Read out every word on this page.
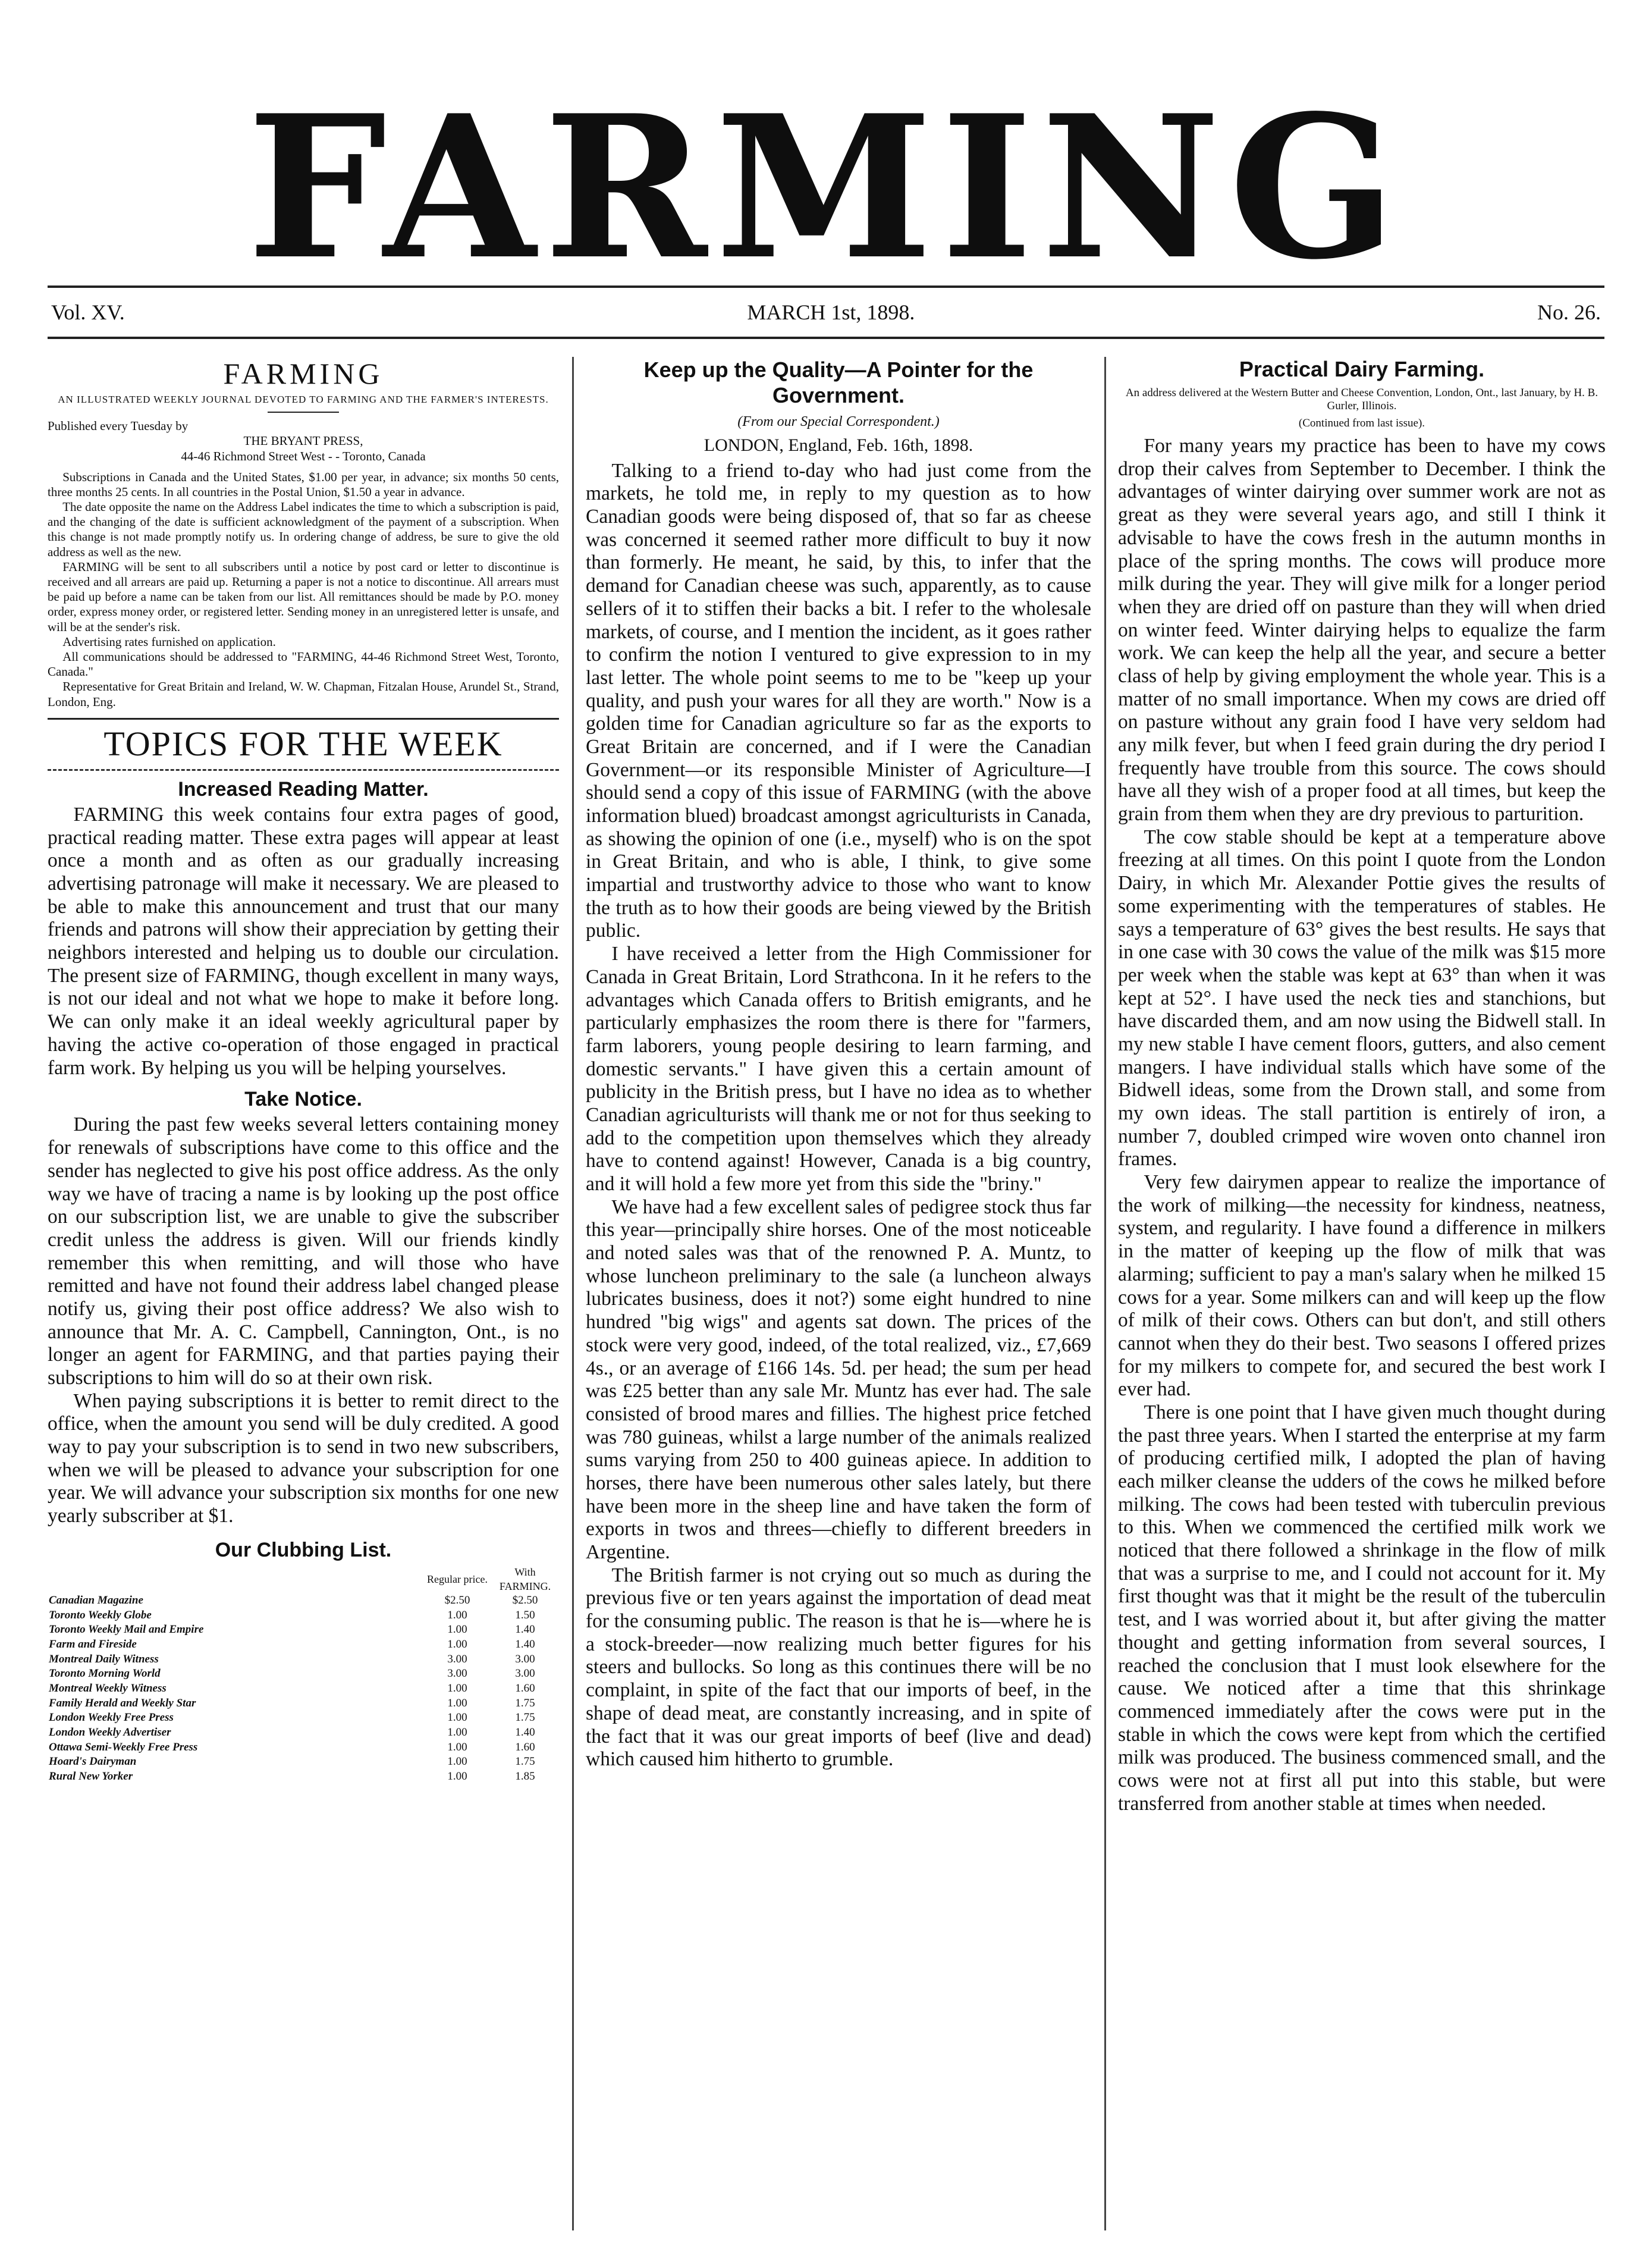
FARMING
Vol. XV.	MARCH 1st, 1898.	No. 26.
FARMING
AN ILLUSTRATED WEEKLY JOURNAL DEVOTED TO FARMING AND THE FARMER'S INTERESTS.
Published every Tuesday by
THE BRYANT PRESS,
44-46 Richmond Street West - - Toronto, Canada

Subscriptions in Canada and the United States, $1.00 per year, in advance; six months 50 cents, three months 25 cents. In all countries in the Postal Union, $1.50 a year in advance.

The date opposite the name on the Address Label indicates the time to which a subscription is paid, and the changing of the date is sufficient acknowledgment of the payment of a subscription. When this change is not made promptly notify us. In ordering change of address, be sure to give the old address as well as the new.

FARMING will be sent to all subscribers until a notice by post card or letter to discontinue is received and all arrears are paid up. Returning a paper is not a notice to discontinue. All arrears must be paid up before a name can be taken from our list. All remittances should be made by P.O. money order, express money order, or registered letter. Sending money in an unregistered letter is unsafe, and will be at the sender's risk.

Advertising rates furnished on application.

All communications should be addressed to "FARMING, 44-46 Richmond Street West, Toronto, Canada."

Representative for Great Britain and Ireland, W. W. Chapman, Fitzalan House, Arundel St., Strand, London, Eng.

TOPICS FOR THE WEEK
Increased Reading Matter.

FARMING this week contains four extra pages of good, practical reading matter. These extra pages will appear at least once a month and as often as our gradually increasing advertising patronage will make it necessary. We are pleased to be able to make this announcement and trust that our many friends and patrons will show their appreciation by getting their neighbors interested and helping us to double our circulation. The present size of FARMING, though excellent in many ways, is not our ideal and not what we hope to make it before long. We can only make it an ideal weekly agricultural paper by having the active co-operation of those engaged in practical farm work. By helping us you will be helping yourselves.

Take Notice.

During the past few weeks several letters containing money for renewals of subscriptions have come to this office and the sender has neglected to give his post office address. As the only way we have of tracing a name is by looking up the post office on our subscription list, we are unable to give the subscriber credit unless the address is given. Will our friends kindly remember this when remitting, and will those who have remitted and have not found their address label changed please notify us, giving their post office address? We also wish to announce that Mr. A. C. Campbell, Cannington, Ont., is no longer an agent for FARMING, and that parties paying their subscriptions to him will do so at their own risk.

When paying subscriptions it is better to remit direct to the office, when the amount you send will be duly credited. A good way to pay your subscription is to send in two new subscribers, when we will be pleased to advance your subscription for one year. We will advance your subscription six months for one new yearly subscriber at $1.

Our Clubbing List.
	Regular price.	With FARMING.
Canadian Magazine	$2.50	$2.50
Toronto Weekly Globe	1.00	1.50
Toronto Weekly Mail and Empire	1.00	1.40
Farm and Fireside	1.00	1.40
Montreal Daily Witness	3.00	3.00
Toronto Morning World	3.00	3.00
Montreal Weekly Witness	1.00	1.60
Family Herald and Weekly Star	1.00	1.75
London Weekly Free Press	1.00	1.75
London Weekly Advertiser	1.00	1.40
Ottawa Semi-Weekly Free Press	1.00	1.60
Hoard's Dairyman	1.00	1.75
Rural New Yorker	1.00	1.85
Keep up the Quality—A Pointer for the Government.
(From our Special Correspondent.)
LONDON, England, Feb. 16th, 1898.

Talking to a friend to-day who had just come from the markets, he told me, in reply to my question as to how Canadian goods were being disposed of, that so far as cheese was concerned it seemed rather more difficult to buy it now than formerly. He meant, he said, by this, to infer that the demand for Canadian cheese was such, apparently, as to cause sellers of it to stiffen their backs a bit. I refer to the wholesale markets, of course, and I mention the incident, as it goes rather to confirm the notion I ventured to give expression to in my last letter. The whole point seems to me to be "keep up your quality, and push your wares for all they are worth." Now is a golden time for Canadian agriculture so far as the exports to Great Britain are concerned, and if I were the Canadian Government—or its responsible Minister of Agriculture—I should send a copy of this issue of FARMING (with the above information blued) broadcast amongst agriculturists in Canada, as showing the opinion of one (i.e., myself) who is on the spot in Great Britain, and who is able, I think, to give some impartial and trustworthy advice to those who want to know the truth as to how their goods are being viewed by the British public.

I have received a letter from the High Commissioner for Canada in Great Britain, Lord Strathcona. In it he refers to the advantages which Canada offers to British emigrants, and he particularly emphasizes the room there is there for "farmers, farm laborers, young people desiring to learn farming, and domestic servants." I have given this a certain amount of publicity in the British press, but I have no idea as to whether Canadian agriculturists will thank me or not for thus seeking to add to the competition upon themselves which they already have to contend against! However, Canada is a big country, and it will hold a few more yet from this side the "briny."

We have had a few excellent sales of pedigree stock thus far this year—principally shire horses. One of the most noticeable and noted sales was that of the renowned P. A. Muntz, to whose luncheon preliminary to the sale (a luncheon always lubricates business, does it not?) some eight hundred to nine hundred "big wigs" and agents sat down. The prices of the stock were very good, indeed, of the total realized, viz., £7,669 4s., or an average of £166 14s. 5d. per head; the sum per head was £25 better than any sale Mr. Muntz has ever had. The sale consisted of brood mares and fillies. The highest price fetched was 780 guineas, whilst a large number of the animals realized sums varying from 250 to 400 guineas apiece. In addition to horses, there have been numerous other sales lately, but there have been more in the sheep line and have taken the form of exports in twos and threes—chiefly to different breeders in Argentine.

The British farmer is not crying out so much as during the previous five or ten years against the importation of dead meat for the consuming public. The reason is that he is—where he is a stock-breeder—now realizing much better figures for his steers and bullocks. So long as this continues there will be no complaint, in spite of the fact that our imports of beef, in the shape of dead meat, are constantly increasing, and in spite of the fact that it was our great imports of beef (live and dead) which caused him hitherto to grumble.

Practical Dairy Farming.
An address delivered at the Western Butter and Cheese Convention, London, Ont., last January, by H. B. Gurler, Illinois.
(Continued from last issue).

For many years my practice has been to have my cows drop their calves from September to December. I think the advantages of winter dairying over summer work are not as great as they were several years ago, and still I think it advisable to have the cows fresh in the autumn months in place of the spring months. The cows will produce more milk during the year. They will give milk for a longer period when they are dried off on pasture than they will when dried on winter feed. Winter dairying helps to equalize the farm work. We can keep the help all the year, and secure a better class of help by giving employment the whole year. This is a matter of no small importance. When my cows are dried off on pasture without any grain food I have very seldom had any milk fever, but when I feed grain during the dry period I frequently have trouble from this source. The cows should have all they wish of a proper food at all times, but keep the grain from them when they are dry previous to parturition.

The cow stable should be kept at a temperature above freezing at all times. On this point I quote from the London Dairy, in which Mr. Alexander Pottie gives the results of some experimenting with the temperatures of stables. He says a temperature of 63° gives the best results. He says that in one case with 30 cows the value of the milk was $15 more per week when the stable was kept at 63° than when it was kept at 52°. I have used the neck ties and stanchions, but have discarded them, and am now using the Bidwell stall. In my new stable I have cement floors, gutters, and also cement mangers. I have individual stalls which have some of the Bidwell ideas, some from the Drown stall, and some from my own ideas. The stall partition is entirely of iron, a number 7, doubled crimped wire woven onto channel iron frames.

Very few dairymen appear to realize the importance of the work of milking—the necessity for kindness, neatness, system, and regularity. I have found a difference in milkers in the matter of keeping up the flow of milk that was alarming; sufficient to pay a man's salary when he milked 15 cows for a year. Some milkers can and will keep up the flow of milk of their cows. Others can but don't, and still others cannot when they do their best. Two seasons I offered prizes for my milkers to compete for, and secured the best work I ever had.

There is one point that I have given much thought during the past three years. When I started the enterprise at my farm of producing certified milk, I adopted the plan of having each milker cleanse the udders of the cows he milked before milking. The cows had been tested with tuberculin previous to this. When we commenced the certified milk work we noticed that there followed a shrinkage in the flow of milk that was a surprise to me, and I could not account for it. My first thought was that it might be the result of the tuberculin test, and I was worried about it, but after giving the matter thought and getting information from several sources, I reached the conclusion that I must look elsewhere for the cause. We noticed after a time that this shrinkage commenced immediately after the cows were put in the stable in which the cows were kept from which the certified milk was produced. The business commenced small, and the cows were not at first all put into this stable, but were transferred from another stable at times when needed.
